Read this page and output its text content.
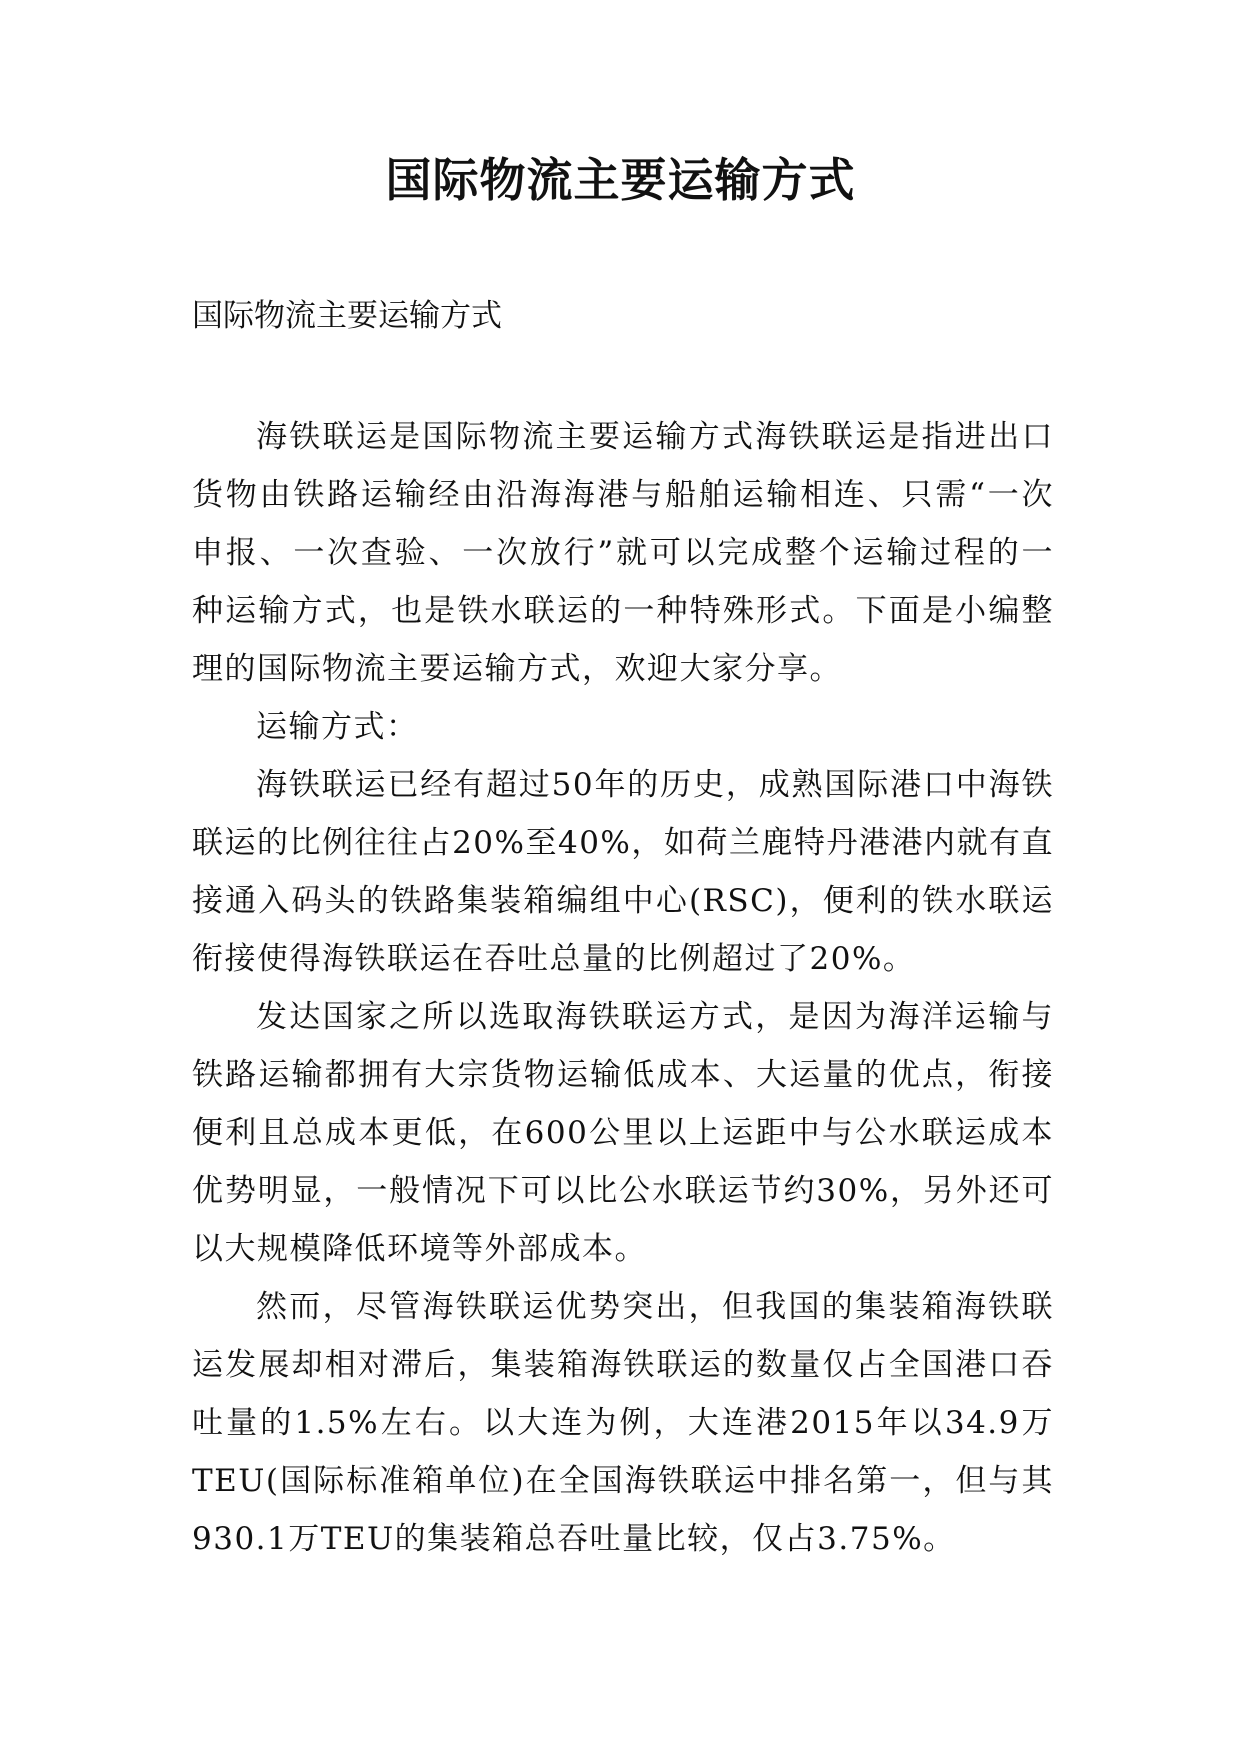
国际物流主要运输方式
国际物流主要运输方式

海铁联运是国际物流主要运输方式海铁联运是指进出口货物由铁路运输经由沿海海港与船舶运输相连、只需“一次申报、一次查验、一次放行”就可以完成整个运输过程的一种运输方式，也是铁水联运的一种特殊形式。下面是小编整理的国际物流主要运输方式，欢迎大家分享。

运输方式：

海铁联运已经有超过50年的历史，成熟国际港口中海铁联运的比例往往占20%至40%，如荷兰鹿特丹港港内就有直接通入码头的铁路集装箱编组中心(RSC)，便利的铁水联运衔接使得海铁联运在吞吐总量的比例超过了20%。

发达国家之所以选取海铁联运方式，是因为海洋运输与铁路运输都拥有大宗货物运输低成本、大运量的优点，衔接便利且总成本更低，在600公里以上运距中与公水联运成本优势明显，一般情况下可以比公水联运节约30%，另外还可以大规模降低环境等外部成本。

然而，尽管海铁联运优势突出，但我国的集装箱海铁联运发展却相对滞后，集装箱海铁联运的数量仅占全国港口吞吐量的1.5%左右。以大连为例，大连港2015年以34.9万TEU(国际标准箱单位)在全国海铁联运中排名第一，但与其930.1万TEU的集装箱总吞吐量比较，仅占3.75%。
